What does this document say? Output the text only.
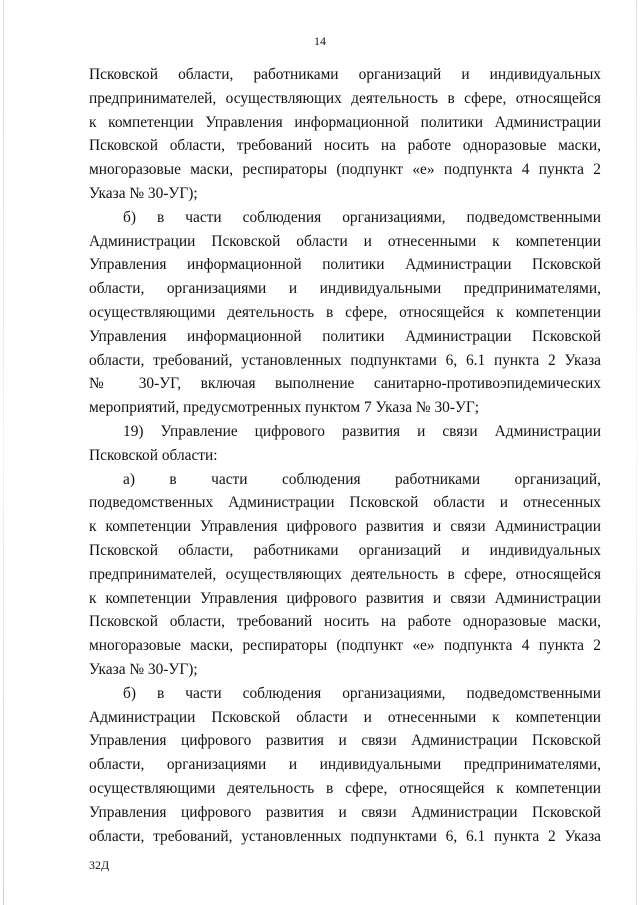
14
Псковской области, работниками организаций и индивидуальных
предпринимателей, осуществляющих деятельность в сфере, относящейся
к компетенции Управления информационной политики Администрации
Псковской области, требований носить на работе одноразовые маски,
многоразовые маски, респираторы (подпункт «е» подпункта 4 пункта 2
Указа № 30-УГ);
б) в части соблюдения организациями, подведомственными
Администрации Псковской области и отнесенными к компетенции
Управления информационной политики Администрации Псковской
области, организациями и индивидуальными предпринимателями,
осуществляющими деятельность в сфере, относящейся к компетенции
Управления информационной политики Администрации Псковской
области, требований, установленных подпунктами 6, 6.1 пункта 2 Указа
№ 30-УГ, включая выполнение санитарно-противоэпидемических
мероприятий, предусмотренных пунктом 7 Указа № 30-УГ;
19) Управление цифрового развития и связи Администрации
Псковской области:
а) в части соблюдения работниками организаций,
подведомственных Администрации Псковской области и отнесенных
к компетенции Управления цифрового развития и связи Администрации
Псковской области, работниками организаций и индивидуальных
предпринимателей, осуществляющих деятельность в сфере, относящейся
к компетенции Управления цифрового развития и связи Администрации
Псковской области, требований носить на работе одноразовые маски,
многоразовые маски, респираторы (подпункт «е» подпункта 4 пункта 2
Указа № 30-УГ);
б) в части соблюдения организациями, подведомственными
Администрации Псковской области и отнесенными к компетенции
Управления цифрового развития и связи Администрации Псковской
области, организациями и индивидуальными предпринимателями,
осуществляющими деятельность в сфере, относящейся к компетенции
Управления цифрового развития и связи Администрации Псковской
области, требований, установленных подпунктами 6, 6.1 пункта 2 Указа
32Д
